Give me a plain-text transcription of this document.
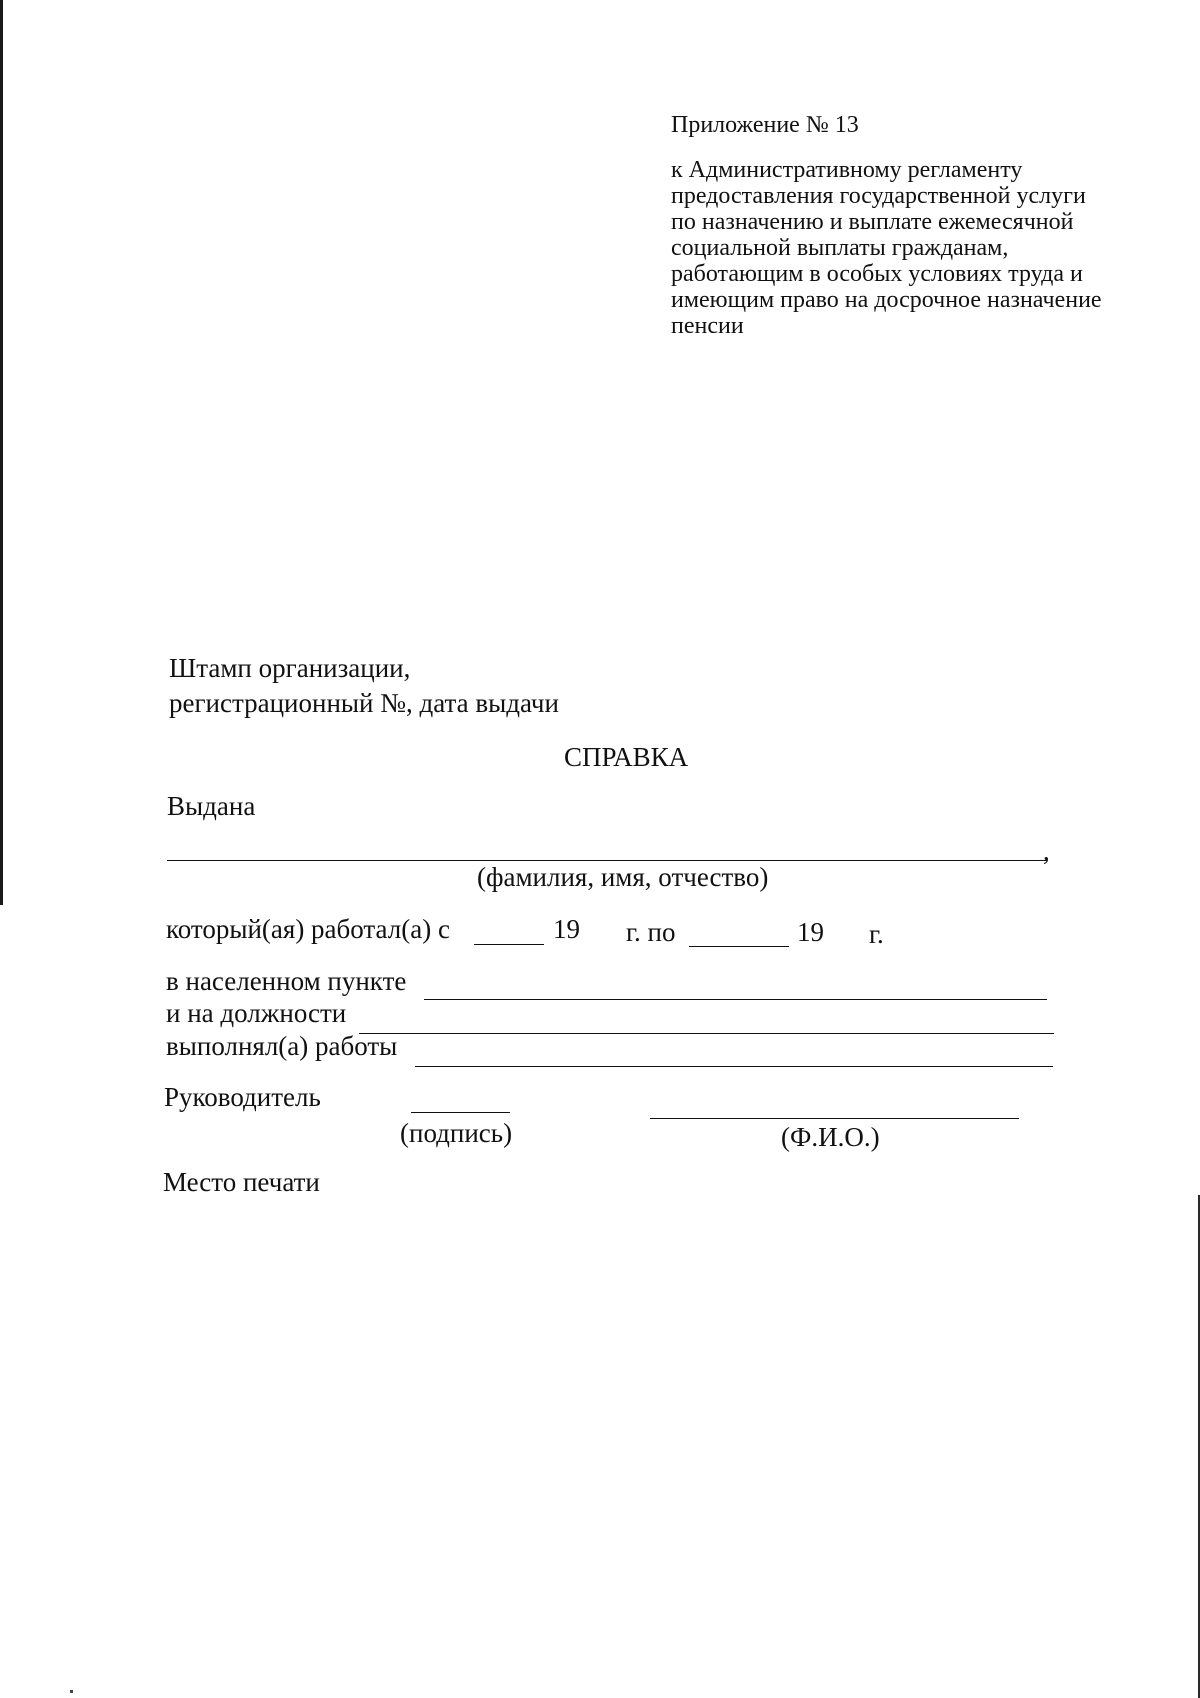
Приложение № 13

к Административному регламенту
предоставления государственной услуги
по назначению и выплате ежемесячной
социальной выплаты гражданам,
работающим в особых условиях труда и
имеющим право на досрочное назначение
пенсии

Штамп организации,
регистрационный №, дата выдачи
СПРАВКА
Выдана
,
(фамилия, имя, отчество)
который(ая) работал(а) с	19 г. по	19 г.
в населенном пункте
и на должности
выполнял(а) работы
Руководитель
(подпись)	(Ф.И.О.)
Место печати
